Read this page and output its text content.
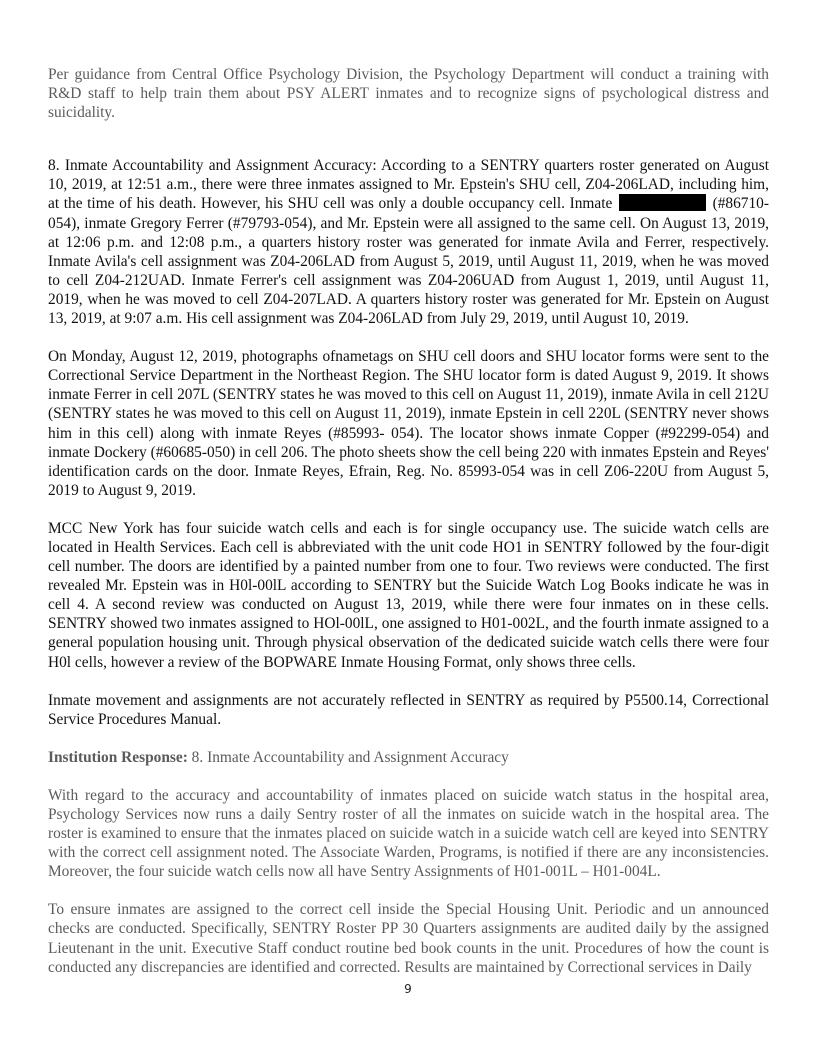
Per guidance from Central Office Psychology Division, the Psychology Department will conduct a training with R&D staff to help train them about PSY ALERT inmates and to recognize signs of psychological distress and suicidality.

8. Inmate Accountability and Assignment Accuracy: According to a SENTRY quarters roster generated on August 10, 2019, at 12:51 a.m., there were three inmates assigned to Mr. Epstein's SHU cell, Z04-206LAD, including him, at the time of his death. However, his SHU cell was only a double occupancy cell. Inmate	(#86710-054), inmate Gregory Ferrer (#79793-054), and Mr. Epstein were all assigned to the same cell. On August 13, 2019, at 12:06 p.m. and 12:08 p.m., a quarters history roster was generated for inmate Avila and Ferrer, respectively. Inmate Avila's cell assignment was Z04-206LAD from August 5, 2019, until August 11, 2019, when he was moved to cell Z04-212UAD. Inmate Ferrer's cell assignment was Z04-206UAD from August 1, 2019, until August 11, 2019, when he was moved to cell Z04-207LAD. A quarters history roster was generated for Mr. Epstein on August 13, 2019, at 9:07 a.m. His cell assignment was Z04-206LAD from July 29, 2019, until August 10, 2019.

On Monday, August 12, 2019, photographs ofnametags on SHU cell doors and SHU locator forms were sent to the Correctional Service Department in the Northeast Region. The SHU locator form is dated August 9, 2019. It shows inmate Ferrer in cell 207L (SENTRY states he was moved to this cell on August 11, 2019), inmate Avila in cell 212U (SENTRY states he was moved to this cell on August 11, 2019), inmate Epstein in cell 220L (SENTRY never shows him in this cell) along with inmate Reyes (#85993- 054). The locator shows inmate Copper (#92299-054) and inmate Dockery (#60685-050) in cell 206. The photo sheets show the cell being 220 with inmates Epstein and Reyes' identification cards on the door. Inmate Reyes, Efrain, Reg. No. 85993-054 was in cell Z06-220U from August 5, 2019 to August 9, 2019.

MCC New York has four suicide watch cells and each is for single occupancy use. The suicide watch cells are located in Health Services. Each cell is abbreviated with the unit code HO1 in SENTRY followed by the four-digit cell number. The doors are identified by a painted number from one to four. Two reviews were conducted. The first revealed Mr. Epstein was in H0l-00lL according to SENTRY but the Suicide Watch Log Books indicate he was in cell 4. A second review was conducted on August 13, 2019, while there were four inmates on in these cells. SENTRY showed two inmates assigned to HOl-00lL, one assigned to H01-002L, and the fourth inmate assigned to a general population housing unit. Through physical observation of the dedicated suicide watch cells there were four H0l cells, however a review of the BOPWARE Inmate Housing Format, only shows three cells.

Inmate movement and assignments are not accurately reflected in SENTRY as required by P5500.14, Correctional Service Procedures Manual.

Institution Response: 8. Inmate Accountability and Assignment Accuracy

With regard to the accuracy and accountability of inmates placed on suicide watch status in the hospital area, Psychology Services now runs a daily Sentry roster of all the inmates on suicide watch in the hospital area. The roster is examined to ensure that the inmates placed on suicide watch in a suicide watch cell are keyed into SENTRY with the correct cell assignment noted. The Associate Warden, Programs, is notified if there are any inconsistencies. Moreover, the four suicide watch cells now all have Sentry Assignments of H01-001L – H01-004L.

To ensure inmates are assigned to the correct cell inside the Special Housing Unit. Periodic and un announced checks are conducted. Specifically, SENTRY Roster PP 30 Quarters assignments are audited daily by the assigned Lieutenant in the unit. Executive Staff conduct routine bed book counts in the unit. Procedures of how the count is conducted any discrepancies are identified and corrected. Results are maintained by Correctional services in Daily

9
